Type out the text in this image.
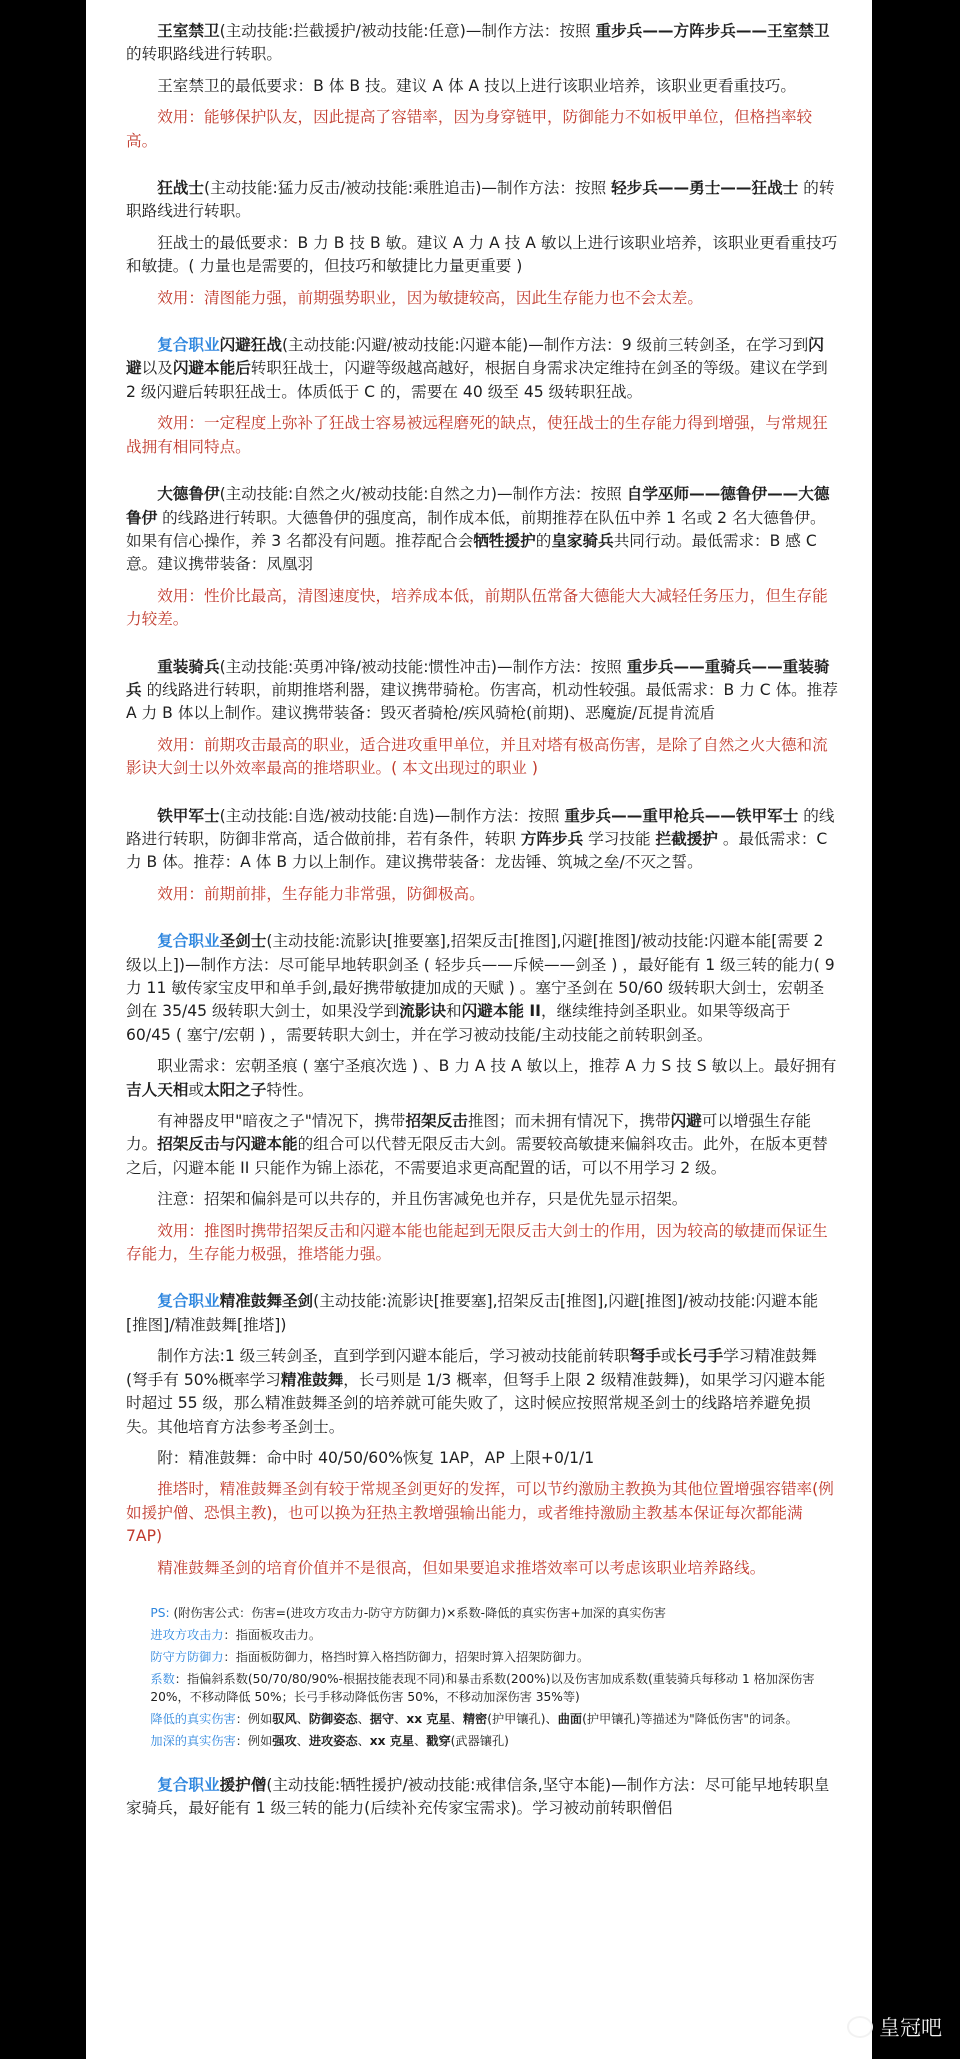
王室禁卫(主动技能:拦截援护/被动技能:任意)—制作方法：按照 重步兵——方阵步兵——王室禁卫 的转职路线进行转职。
王室禁卫的最低要求：B 体 B 技。建议 A 体 A 技以上进行该职业培养，该职业更看重技巧。
效用：能够保护队友，因此提高了容错率，因为身穿链甲，防御能力不如板甲单位，但格挡率较高。
狂战士(主动技能:猛力反击/被动技能:乘胜追击)—制作方法：按照 轻步兵——勇士——狂战士 的转职路线进行转职。
狂战士的最低要求：B 力 B 技 B 敏。建议 A 力 A 技 A 敏以上进行该职业培养，该职业更看重技巧和敏捷。( 力量也是需要的，但技巧和敏捷比力量更重要 )
效用：清图能力强，前期强势职业，因为敏捷较高，因此生存能力也不会太差。
复合职业闪避狂战(主动技能:闪避/被动技能:闪避本能)—制作方法：9 级前三转剑圣，在学习到闪避以及闪避本能后转职狂战士，闪避等级越高越好，根据自身需求决定维持在剑圣的等级。建议在学到 2 级闪避后转职狂战士。体质低于 C 的，需要在 40 级至 45 级转职狂战。
效用：一定程度上弥补了狂战士容易被远程磨死的缺点，使狂战士的生存能力得到增强，与常规狂战拥有相同特点。
大德鲁伊(主动技能:自然之火/被动技能:自然之力)—制作方法：按照 自学巫师——德鲁伊——大德鲁伊 的线路进行转职。大德鲁伊的强度高，制作成本低，前期推荐在队伍中养 1 名或 2 名大德鲁伊。如果有信心操作，养 3 名都没有问题。推荐配合会牺牲援护的皇家骑兵共同行动。最低需求：B 感 C 意。建议携带装备：凤凰羽
效用：性价比最高，清图速度快，培养成本低，前期队伍常备大德能大大减轻任务压力，但生存能力较差。
重装骑兵(主动技能:英勇冲锋/被动技能:惯性冲击)—制作方法：按照 重步兵——重骑兵——重装骑兵 的线路进行转职，前期推塔利器，建议携带骑枪。伤害高，机动性较强。最低需求：B 力 C 体。推荐 A 力 B 体以上制作。建议携带装备：毁灭者骑枪/疾风骑枪(前期)、恶魔旋/瓦提肯流盾
效用：前期攻击最高的职业，适合进攻重甲单位，并且对塔有极高伤害，是除了自然之火大德和流影诀大剑士以外效率最高的推塔职业。( 本文出现过的职业 )
铁甲军士(主动技能:自选/被动技能:自选)—制作方法：按照 重步兵——重甲枪兵——铁甲军士 的线路进行转职，防御非常高，适合做前排，若有条件，转职 方阵步兵 学习技能 拦截援护 。最低需求：C 力 B 体。推荐：A 体 B 力以上制作。建议携带装备：龙齿锤、筑城之垒/不灭之誓。
效用：前期前排，生存能力非常强，防御极高。
复合职业圣剑士(主动技能:流影诀[推要塞],招架反击[推图],闪避[推图]/被动技能:闪避本能[需要 2 级以上])—制作方法：尽可能早地转职剑圣 ( 轻步兵——斥候——剑圣 ) ，最好能有 1 级三转的能力( 9 力 11 敏传家宝皮甲和单手剑,最好携带敏捷加成的天赋 ) 。塞宁圣剑在 50/60 级转职大剑士，宏朝圣剑在 35/45 级转职大剑士，如果没学到流影诀和闪避本能 II，继续维持剑圣职业。如果等级高于 60/45 ( 塞宁/宏朝 ) ，需要转职大剑士，并在学习被动技能/主动技能之前转职剑圣。
职业需求：宏朝圣痕 ( 塞宁圣痕次选 ) 、B 力 A 技 A 敏以上，推荐 A 力 S 技 S 敏以上。最好拥有吉人天相或太阳之子特性。
有神器皮甲"暗夜之子"情况下，携带招架反击推图；而未拥有情况下，携带闪避可以增强生存能力。招架反击与闪避本能的组合可以代替无限反击大剑。需要较高敏捷来偏斜攻击。此外，在版本更替之后，闪避本能 II 只能作为锦上添花，不需要追求更高配置的话，可以不用学习 2 级。
注意：招架和偏斜是可以共存的，并且伤害减免也并存，只是优先显示招架。
效用：推图时携带招架反击和闪避本能也能起到无限反击大剑士的作用，因为较高的敏捷而保证生存能力，生存能力极强，推塔能力强。
复合职业精准鼓舞圣剑(主动技能:流影诀[推要塞],招架反击[推图],闪避[推图]/被动技能:闪避本能[推图]/精准鼓舞[推塔])
制作方法:1 级三转剑圣，直到学到闪避本能后，学习被动技能前转职弩手或长弓手学习精准鼓舞(弩手有 50%概率学习精准鼓舞，长弓则是 1/3 概率，但弩手上限 2 级精准鼓舞)，如果学习闪避本能时超过 55 级，那么精准鼓舞圣剑的培养就可能失败了，这时候应按照常规圣剑士的线路培养避免损失。其他培育方法参考圣剑士。
附：精准鼓舞：命中时 40/50/60%恢复 1AP，AP 上限+0/1/1
推塔时，精准鼓舞圣剑有较于常规圣剑更好的发挥，可以节约激励主教换为其他位置增强容错率(例如援护僧、恐惧主教)，也可以换为狂热主教增强输出能力，或者维持激励主教基本保证每次都能满 7AP)
精准鼓舞圣剑的培育价值并不是很高，但如果要追求推塔效率可以考虑该职业培养路线。
PS: (附伤害公式：伤害=(进攻方攻击力-防守方防御力)×系数-降低的真实伤害+加深的真实伤害
进攻方攻击力：指面板攻击力。
防守方防御力：指面板防御力，格挡时算入格挡防御力，招架时算入招架防御力。
系数：指偏斜系数(50/70/80/90%-根据技能表现不同)和暴击系数(200%)以及伤害加成系数(重装骑兵每移动 1 格加深伤害 20%，不移动降低 50%；长弓手移动降低伤害 50%，不移动加深伤害 35%等)
降低的真实伤害：例如驭风、防御姿态、据守、xx 克星、精密(护甲镶孔)、曲面(护甲镶孔)等描述为"降低伤害"的词条。
加深的真实伤害：例如强攻、进攻姿态、xx 克星、戳穿(武器镶孔)
复合职业援护僧(主动技能:牺牲援护/被动技能:戒律信条,坚守本能)—制作方法：尽可能早地转职皇家骑兵，最好能有 1 级三转的能力(后续补充传家宝需求)。学习被动前转职僧侣
皇冠吧
